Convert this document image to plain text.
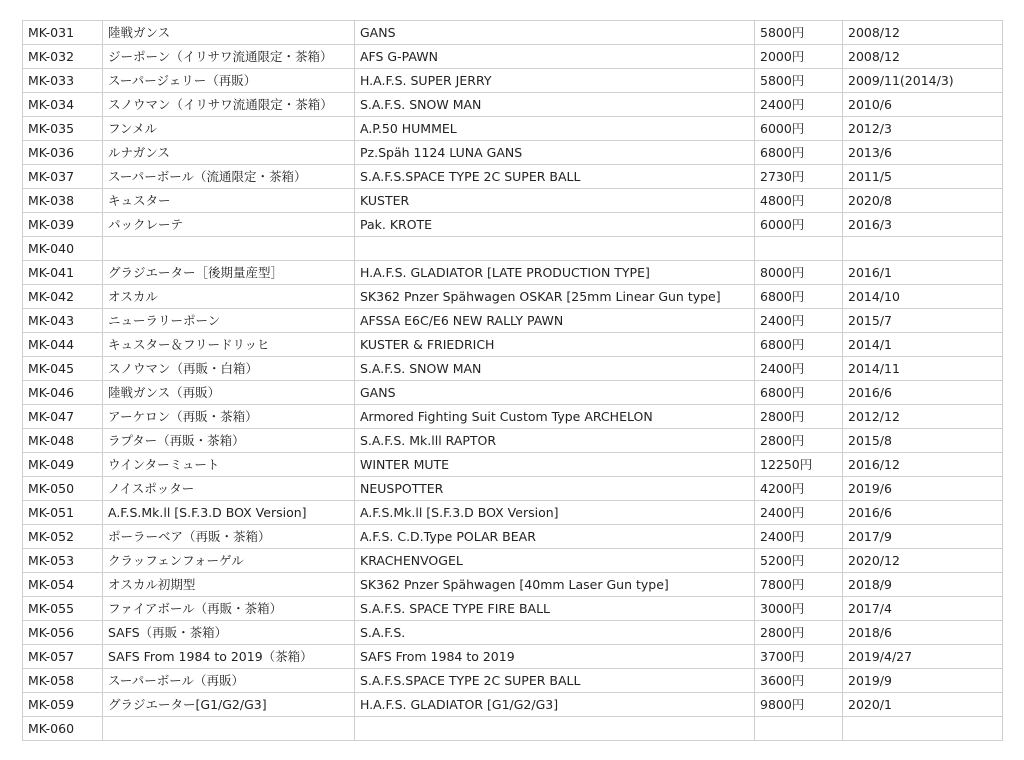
MK-031	陸戦ガンス	GANS	5800円	2008/12
MK-032	ジーポーン（イリサワ流通限定・茶箱）	AFS G-PAWN	2000円	2008/12
MK-033	スーパージェリー（再販）	H.A.F.S. SUPER JERRY	5800円	2009/11(2014/3)
MK-034	スノウマン（イリサワ流通限定・茶箱）	S.A.F.S. SNOW MAN	2400円	2010/6
MK-035	フンメル	A.P.50 HUMMEL	6000円	2012/3
MK-036	ルナガンス	Pz.Späh 1124 LUNA GANS	6800円	2013/6
MK-037	スーパーボール（流通限定・茶箱）	S.A.F.S.SPACE TYPE 2C SUPER BALL	2730円	2011/5
MK-038	キュスター	KUSTER	4800円	2020/8
MK-039	パックレーテ	Pak. KROTE	6000円	2016/3
MK-040				
MK-041	グラジエーター［後期量産型］	H.A.F.S. GLADIATOR [LATE PRODUCTION TYPE]	8000円	2016/1
MK-042	オスカル	SK362 Pnzer Spähwagen OSKAR [25mm Linear Gun type]	6800円	2014/10
MK-043	ニューラリーポーン	AFSSA E6C/E6 NEW RALLY PAWN	2400円	2015/7
MK-044	キュスター＆フリードリッヒ	KUSTER & FRIEDRICH	6800円	2014/1
MK-045	スノウマン（再販・白箱）	S.A.F.S. SNOW MAN	2400円	2014/11
MK-046	陸戦ガンス（再販）	GANS	6800円	2016/6
MK-047	アーケロン（再販・茶箱）	Armored Fighting Suit Custom Type ARCHELON	2800円	2012/12
MK-048	ラプター（再販・茶箱）	S.A.F.S. Mk.lll RAPTOR	2800円	2015/8
MK-049	ウインターミュート	WINTER MUTE	12250円	2016/12
MK-050	ノイスポッター	NEUSPOTTER	4200円	2019/6
MK-051	A.F.S.Mk.ll [S.F.3.D BOX Version]	A.F.S.Mk.ll [S.F.3.D BOX Version]	2400円	2016/6
MK-052	ポーラーベア（再販・茶箱）	A.F.S. C.D.Type POLAR BEAR	2400円	2017/9
MK-053	クラッフェンフォーゲル	KRACHENVOGEL	5200円	2020/12
MK-054	オスカル初期型	SK362 Pnzer Spähwagen [40mm Laser Gun type]	7800円	2018/9
MK-055	ファイアボール（再販・茶箱）	S.A.F.S. SPACE TYPE FIRE BALL	3000円	2017/4
MK-056	SAFS（再販・茶箱）	S.A.F.S.	2800円	2018/6
MK-057	SAFS From 1984 to 2019（茶箱）	SAFS From 1984 to 2019	3700円	2019/4/27
MK-058	スーパーボール（再販）	S.A.F.S.SPACE TYPE 2C SUPER BALL	3600円	2019/9
MK-059	グラジエーター[G1/G2/G3]	H.A.F.S. GLADIATOR [G1/G2/G3]	9800円	2020/1
MK-060				
